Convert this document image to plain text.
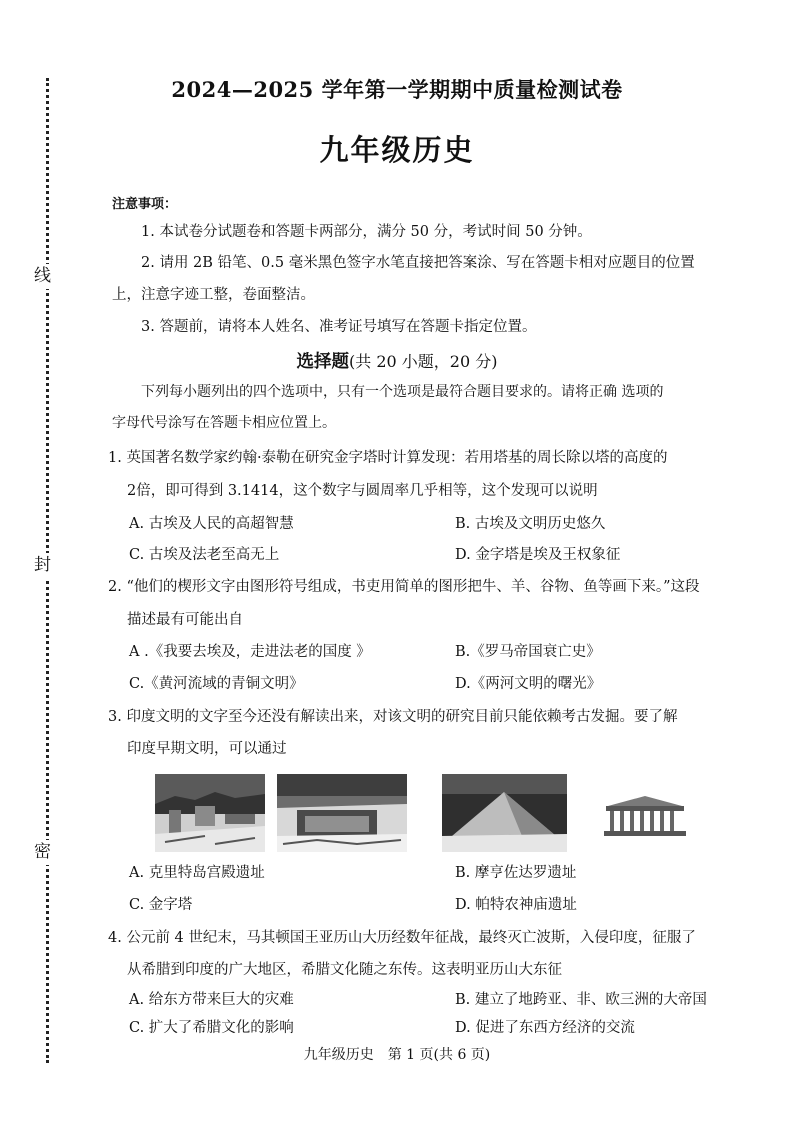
线
封
密
2024—2025 学年第一学期期中质量检测试卷
九年级历史
注意事项：
1. 本试卷分试题卷和答题卡两部分，满分 50 分，考试时间 50 分钟。
2. 请用 2B 铅笔、0.5 毫米黑色签字水笔直接把答案涂、写在答题卡相对应题目的位置
上，注意字迹工整，卷面整洁。
3. 答题前，请将本人姓名、准考证号填写在答题卡指定位置。
选择题(共 20 小题，20 分)
下列每小题列出的四个选项中，只有一个选项是最符合题目要求的。请将正确 选项的
字母代号涂写在答题卡相应位置上。
1. 英国著名数学家约翰·泰勒在研究金字塔时计算发现：若用塔基的周长除以塔的高度的
2倍，即可得到 3.1414，这个数字与圆周率几乎相等，这个发现可以说明
A. 古埃及人民的高超智慧	B. 古埃及文明历史悠久
C. 古埃及法老至高无上	D. 金字塔是埃及王权象征
2. “他们的楔形文字由图形符号组成，书吏用简单的图形把牛、羊、谷物、鱼等画下来。”这段
描述最有可能出自
A .《我要去埃及，走进法老的国度 》	B.《罗马帝国衰亡史》
C.《黄河流域的青铜文明》	D.《两河文明的曙光》
3. 印度文明的文字至今还没有解读出来，对该文明的研究目前只能依赖考古发掘。要了解
印度早期文明，可以通过
A. 克里特岛宫殿遗址	B. 摩亨佐达罗遗址
C. 金字塔	D. 帕特农神庙遗址
4. 公元前 4 世纪末，马其顿国王亚历山大历经数年征战，最终灭亡波斯，入侵印度，征服了
从希腊到印度的广大地区，希腊文化随之东传。这表明亚历山大东征
A. 给东方带来巨大的灾难	B. 建立了地跨亚、非、欧三洲的大帝国
C. 扩大了希腊文化的影响	D. 促进了东西方经济的交流
九年级历史　第 1 页(共 6 页)
